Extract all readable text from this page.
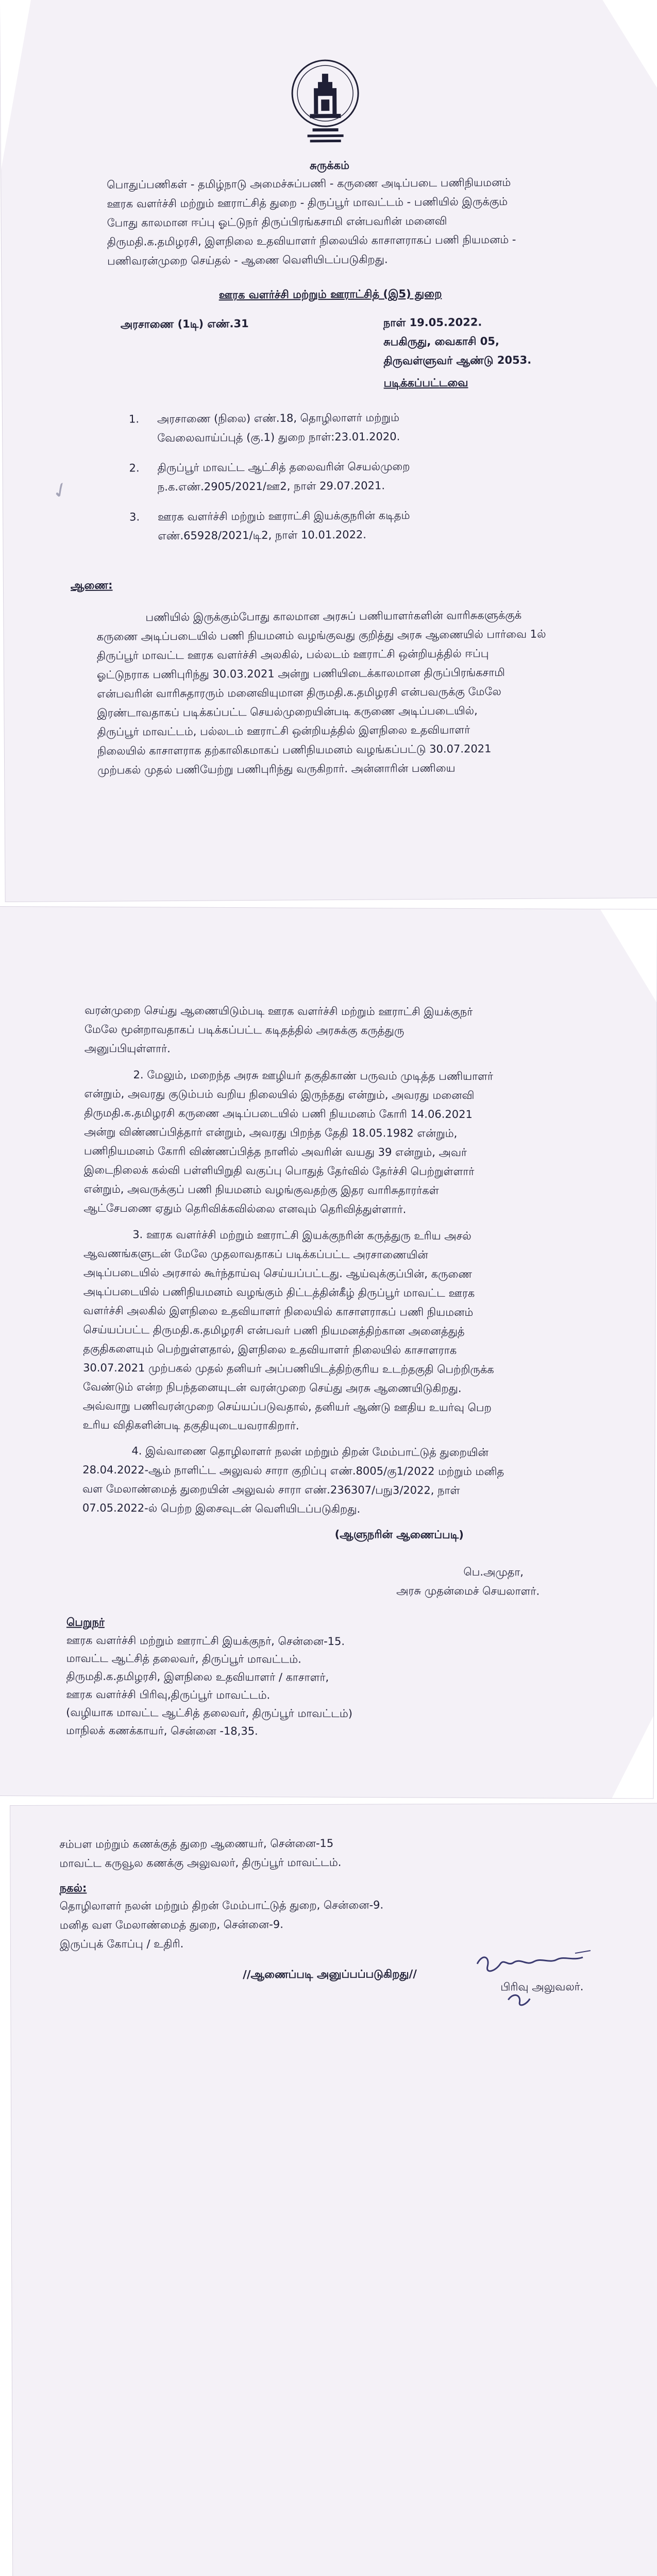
சுருக்கம்
பொதுப்பணிகள் - தமிழ்நாடு அமைச்சுப்பணி - கருணை அடிப்படை பணிநியமனம்
ஊரக வளர்ச்சி மற்றும் ஊராட்சித் துறை - திருப்பூர் மாவட்டம் - பணியில் இருக்கும்
போது காலமான ஈப்பு ஓட்டுநர் திருப்பிரங்கசாமி என்பவரின் மனைவி
திருமதி.க.தமிழரசி, இளநிலை உதவியாளர் நிலையில் காசாளராகப் பணி நியமனம் -
பணிவரன்முறை செய்தல் - ஆணை வெளியிடப்படுகிறது.
ஊரக வளர்ச்சி மற்றும் ஊராட்சித் (இ5) துறை
அரசாணை (1டி) எண்.31	நாள் 19.05.2022.
சுபகிருது, வைகாசி 05,
திருவள்ளுவர் ஆண்டு 2053.
படிக்கப்பட்டவை
1. அரசாணை (நிலை) எண்.18, தொழிலாளர் மற்றும்
வேலைவாய்ப்புத் (கு.1) துறை நாள்:23.01.2020.
2. திருப்பூர் மாவட்ட ஆட்சித் தலைவரின் செயல்முறை
ந.க.எண்.2905/2021/ஊ2, நாள் 29.07.2021.
3. ஊரக வளர்ச்சி மற்றும் ஊராட்சி இயக்குநரின் கடிதம்
எண்.65928/2021/டி2, நாள் 10.01.2022.
✓
ஆணை:
பணியில் இருக்கும்போது காலமான அரசுப் பணியாளர்களின் வாரிசுகளுக்குக்
கருணை அடிப்படையில் பணி நியமனம் வழங்குவது குறித்து அரசு ஆணையில் பார்வை 1ல்
திருப்பூர் மாவட்ட ஊரக வளர்ச்சி அலகில், பல்லடம் ஊராட்சி ஒன்றியத்தில் ஈப்பு
ஓட்டுநராக பணிபுரிந்து 30.03.2021 அன்று பணியிடைக்காலமான திருப்பிரங்கசாமி
என்பவரின் வாரிசுதாரரும் மனைவியுமான திருமதி.க.தமிழரசி என்பவருக்கு மேலே
இரண்டாவதாகப் படிக்கப்பட்ட செயல்முறையின்படி கருணை அடிப்படையில்,
திருப்பூர் மாவட்டம், பல்லடம் ஊராட்சி ஒன்றியத்தில் இளநிலை உதவியாளர்
நிலையில் காசாளராக தற்காலிகமாகப் பணிநியமனம் வழங்கப்பட்டு 30.07.2021
முற்பகல் முதல் பணியேற்று பணிபுரிந்து வருகிறார். அன்னாரின் பணியை
வரன்முறை செய்து ஆணையிடும்படி ஊரக வளர்ச்சி மற்றும் ஊராட்சி இயக்குநர்
மேலே மூன்றாவதாகப் படிக்கப்பட்ட கடிதத்தில் அரசுக்கு கருத்துரு
அனுப்பியுள்ளார்.
2. மேலும், மறைந்த அரசு ஊழியர் தகுதிகாண் பருவம் முடித்த பணியாளர்
என்றும், அவரது குடும்பம் வறிய நிலையில் இருந்தது என்றும், அவரது மனைவி
திருமதி.க.தமிழரசி கருணை அடிப்படையில் பணி நியமனம் கோரி 14.06.2021
அன்று விண்ணப்பித்தார் என்றும், அவரது பிறந்த தேதி 18.05.1982 என்றும்,
பணிநியமனம் கோரி விண்ணப்பித்த நாளில் அவரின் வயது 39 என்றும், அவர்
இடைநிலைக் கல்வி பள்ளியிறுதி வகுப்பு பொதுத் தேர்வில் தேர்ச்சி பெற்றுள்ளார்
என்றும், அவருக்குப் பணி நியமனம் வழங்குவதற்கு இதர வாரிசுதாரர்கள்
ஆட்சேபணை ஏதும் தெரிவிக்கவில்லை எனவும் தெரிவித்துள்ளார்.
3. ஊரக வளர்ச்சி மற்றும் ஊராட்சி இயக்குநரின் கருத்துரு உரிய அசல்
ஆவணங்களுடன் மேலே முதலாவதாகப் படிக்கப்பட்ட அரசாணையின்
அடிப்படையில் அரசால் கூர்ந்தாய்வு செய்யப்பட்டது. ஆய்வுக்குப்பின், கருணை
அடிப்படையில் பணிநியமனம் வழங்கும் திட்டத்தின்கீழ் திருப்பூர் மாவட்ட ஊரக
வளர்ச்சி அலகில் இளநிலை உதவியாளர் நிலையில் காசாளராகப் பணி நியமனம்
செய்யப்பட்ட திருமதி.க.தமிழரசி என்பவர் பணி நியமனத்திற்கான அனைத்துத்
தகுதிகளையும் பெற்றுள்ளதால், இளநிலை உதவியாளர் நிலையில் காசாளராக
30.07.2021 முற்பகல் முதல் தனியர் அப்பணியிடத்திற்குரிய உடற்தகுதி பெற்றிருக்க
வேண்டும் என்ற நிபந்தனையுடன் வரன்முறை செய்து அரசு ஆணையிடுகிறது.
அவ்வாறு பணிவரன்முறை செய்யப்படுவதால், தனியர் ஆண்டு ஊதிய உயர்வு பெற
உரிய விதிகளின்படி தகுதியுடையவராகிறார்.
4. இவ்வாணை தொழிலாளர் நலன் மற்றும் திறன் மேம்பாட்டுத் துறையின்
28.04.2022-ஆம் நாளிட்ட அலுவல் சாரா குறிப்பு எண்.8005/கு1/2022 மற்றும் மனித
வள மேலாண்மைத் துறையின் அலுவல் சாரா எண்.236307/பநு3/2022, நாள்
07.05.2022-ல் பெற்ற இசைவுடன் வெளியிடப்படுகிறது.
(ஆளுநரின் ஆணைப்படி)
பெ.அமுதா,
அரசு முதன்மைச் செயலாளர்.
பெறுநர்
ஊரக வளர்ச்சி மற்றும் ஊராட்சி இயக்குநர், சென்னை-15.
மாவட்ட ஆட்சித் தலைவர், திருப்பூர் மாவட்டம்.
திருமதி.க.தமிழரசி, இளநிலை உதவியாளர் / காசாளர்,
ஊரக வளர்ச்சி பிரிவு,திருப்பூர் மாவட்டம்.
(வழியாக மாவட்ட ஆட்சித் தலைவர், திருப்பூர் மாவட்டம்)
மாநிலக் கணக்காயர், சென்னை -18,35.
சம்பள மற்றும் கணக்குத் துறை ஆணையர், சென்னை-15
மாவட்ட கருவூல கணக்கு அலுவலர், திருப்பூர் மாவட்டம்.
நகல்:
தொழிலாளர் நலன் மற்றும் திறன் மேம்பாட்டுத் துறை, சென்னை-9.
மனித வள மேலாண்மைத் துறை, சென்னை-9.
இருப்புக் கோப்பு / உதிரி.
//ஆணைப்படி அனுப்பப்படுகிறது//
பிரிவு அலுவலர்.
